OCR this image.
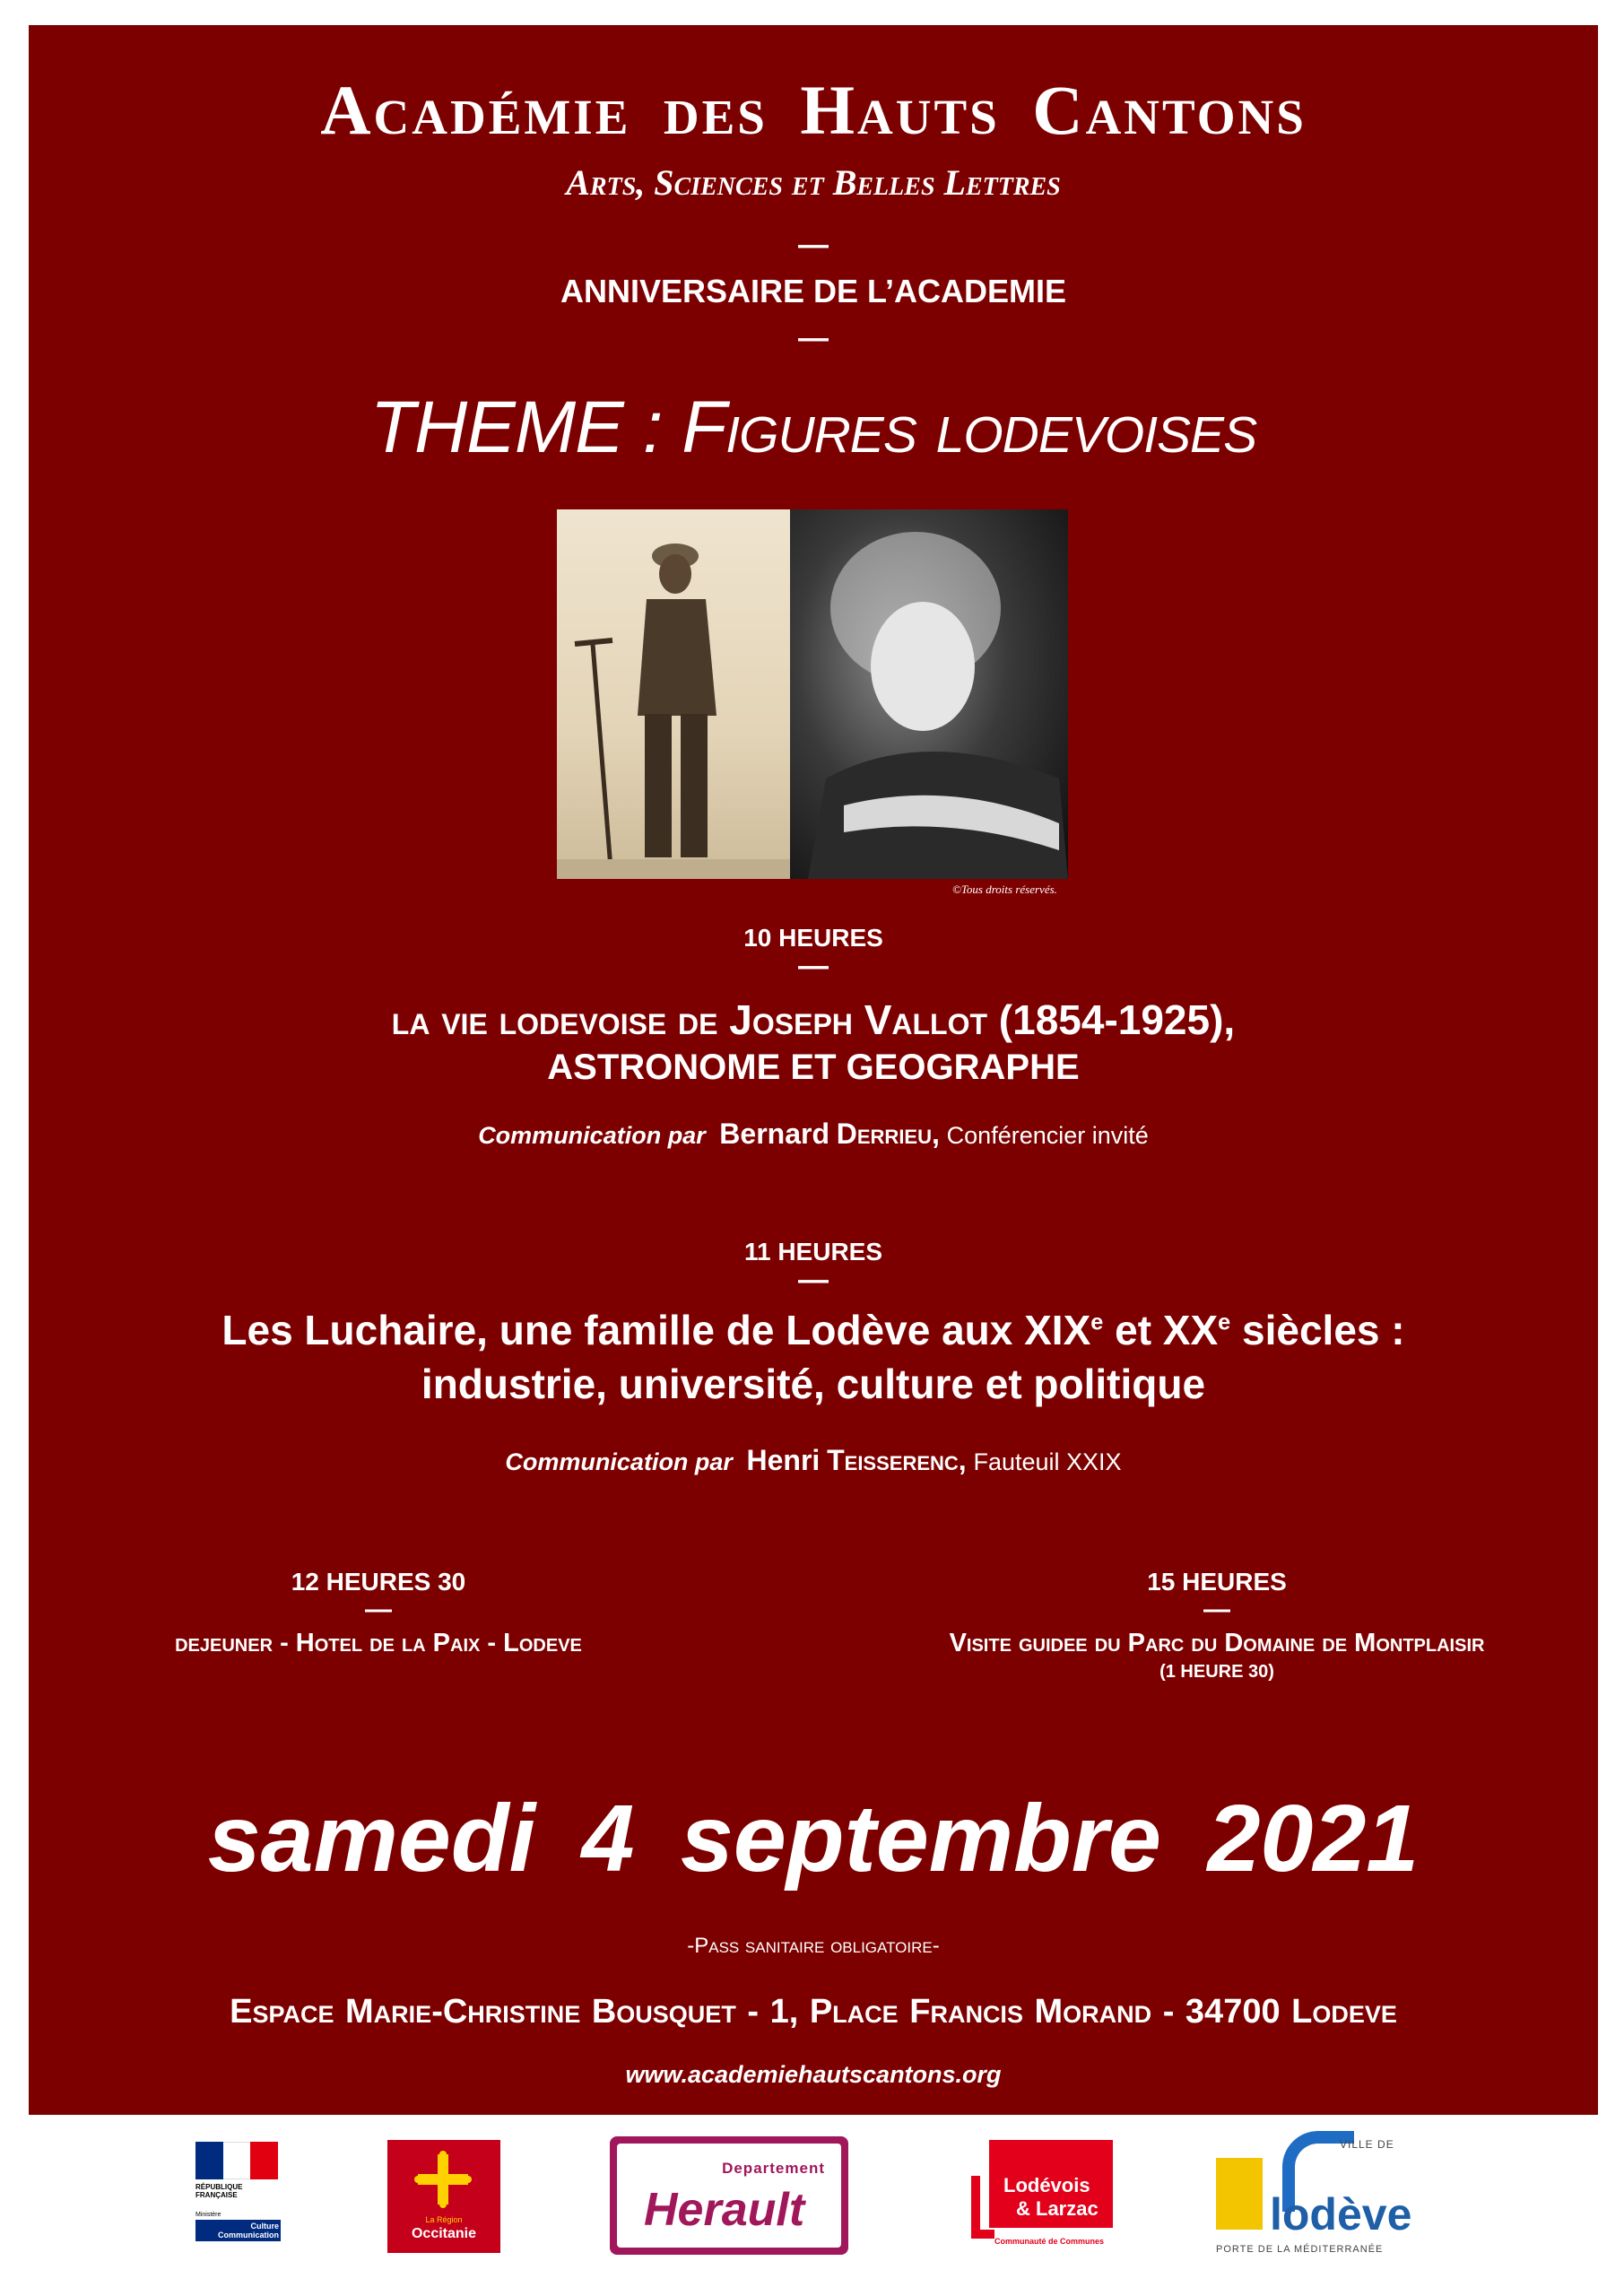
Académie des Hauts Cantons
Arts, Sciences et Belles Lettres
—
ANNIVERSAIRE DE L’ACADEMIE
—
THEME : Figures lodevoises
©Tous droits réservés.
10 HEURES
—
la vie lodevoise de Joseph Vallot (1854-1925),
ASTRONOME ET GEOGRAPHE
Communication par Bernard Derrieu, Conférencier invité
11 HEURES
—
Les Luchaire, une famille de Lodève aux XIXe et XXe siècles :
industrie, université, culture et politique
Communication par Henri Teisserenc, Fauteuil XXIX
12 HEURES 30
—
dejeuner - Hotel de la Paix - Lodeve
15 HEURES
—
Visite guidee du Parc du Domaine de Montplaisir
(1 HEURE 30)
samedi 4 septembre 2021
-Pass sanitaire obligatoire-
Espace Marie-Christine Bousquet - 1, Place Francis Morand - 34700 Lodeve
www.academiehautscantons.org
RÉPUBLIQUE FRANÇAISE
Ministère
Culture Communication
La Région
Occitanie
Departement
Herault	Lodévois
& Larzac
Communauté de Communes
VILLE DE
lodève
PORTE DE LA MÉDITERRANÉE
